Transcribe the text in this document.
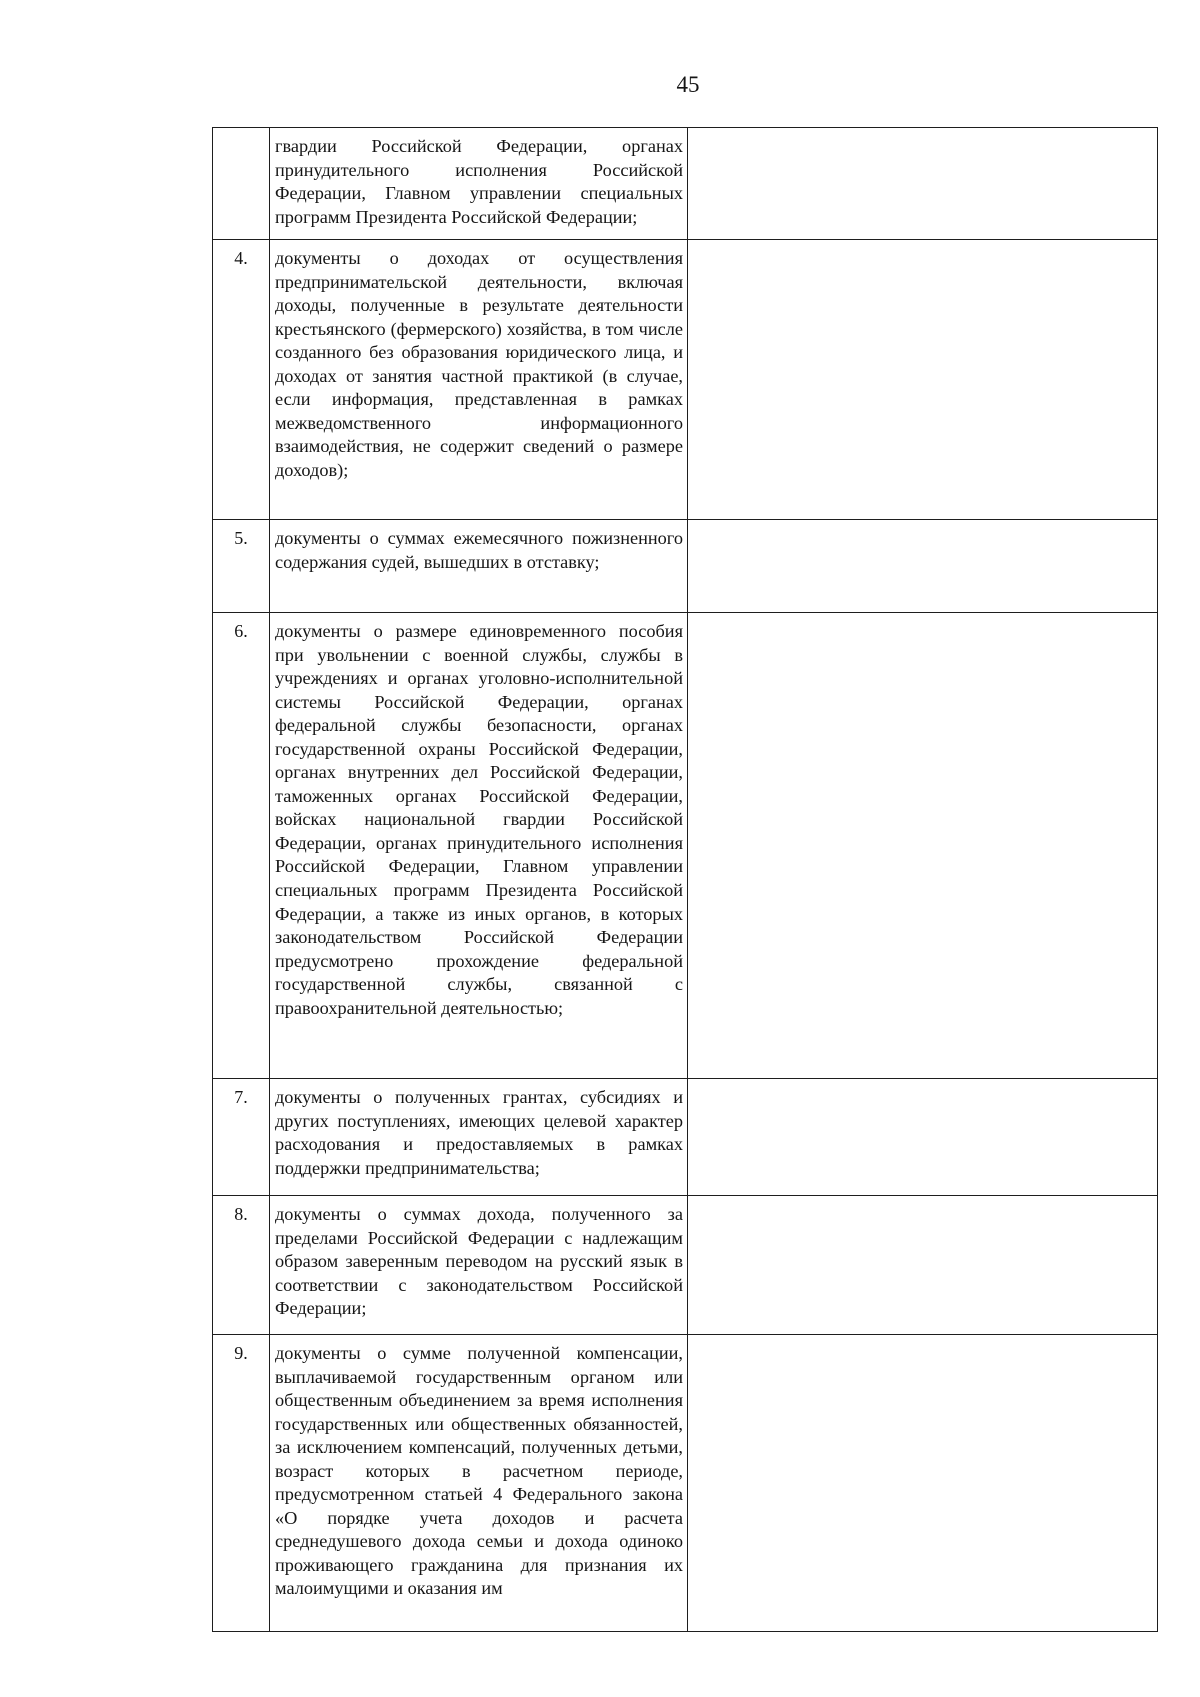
45
	гвардии Российской Федерации, органах принудительного исполнения Российской Федерации, Главном управлении специальных программ Президента Российской Федерации;	
4.	документы о доходах от осуществления предпринимательской деятельности, включая доходы, полученные в результате деятельности крестьянского (фермерского) хозяйства, в том числе созданного без образования юридического лица, и доходах от занятия частной практикой (в случае, если информация, представленная в рамках межведомственного информационного взаимодействия, не содержит сведений о размере доходов);	
5.	документы о суммах ежемесячного пожизненного содержания судей, вышедших в отставку;	
6.	документы о размере единовременного пособия при увольнении с военной службы, службы в учреждениях и органах уголовно-исполнительной системы Российской Федерации, органах федеральной службы безопасности, органах государственной охраны Российской Федерации, органах внутренних дел Российской Федерации, таможенных органах Российской Федерации, войсках национальной гвардии Российской Федерации, органах принудительного исполнения Российской Федерации, Главном управлении специальных программ Президента Российской Федерации, а также из иных органов, в которых законодательством Российской Федерации предусмотрено прохождение федеральной государственной службы, связанной с правоохранительной деятельностью;	
7.	документы о полученных грантах, субсидиях и других поступлениях, имеющих целевой характер расходования и предоставляемых в рамках поддержки предпринимательства;	
8.	документы о суммах дохода, полученного за пределами Российской Федерации с надлежащим образом заверенным переводом на русский язык в соответствии с законодательством Российской Федерации;	
9.	документы о сумме полученной компенсации, выплачиваемой государственным органом или общественным объединением за время исполнения государственных или общественных обязанностей, за исключением компенсаций, полученных детьми, возраст которых в расчетном периоде, предусмотренном статьей 4 Федерального закона «О порядке учета доходов и расчета среднедушевого дохода семьи и дохода одиноко проживающего гражданина для признания их малоимущими и оказания им	
